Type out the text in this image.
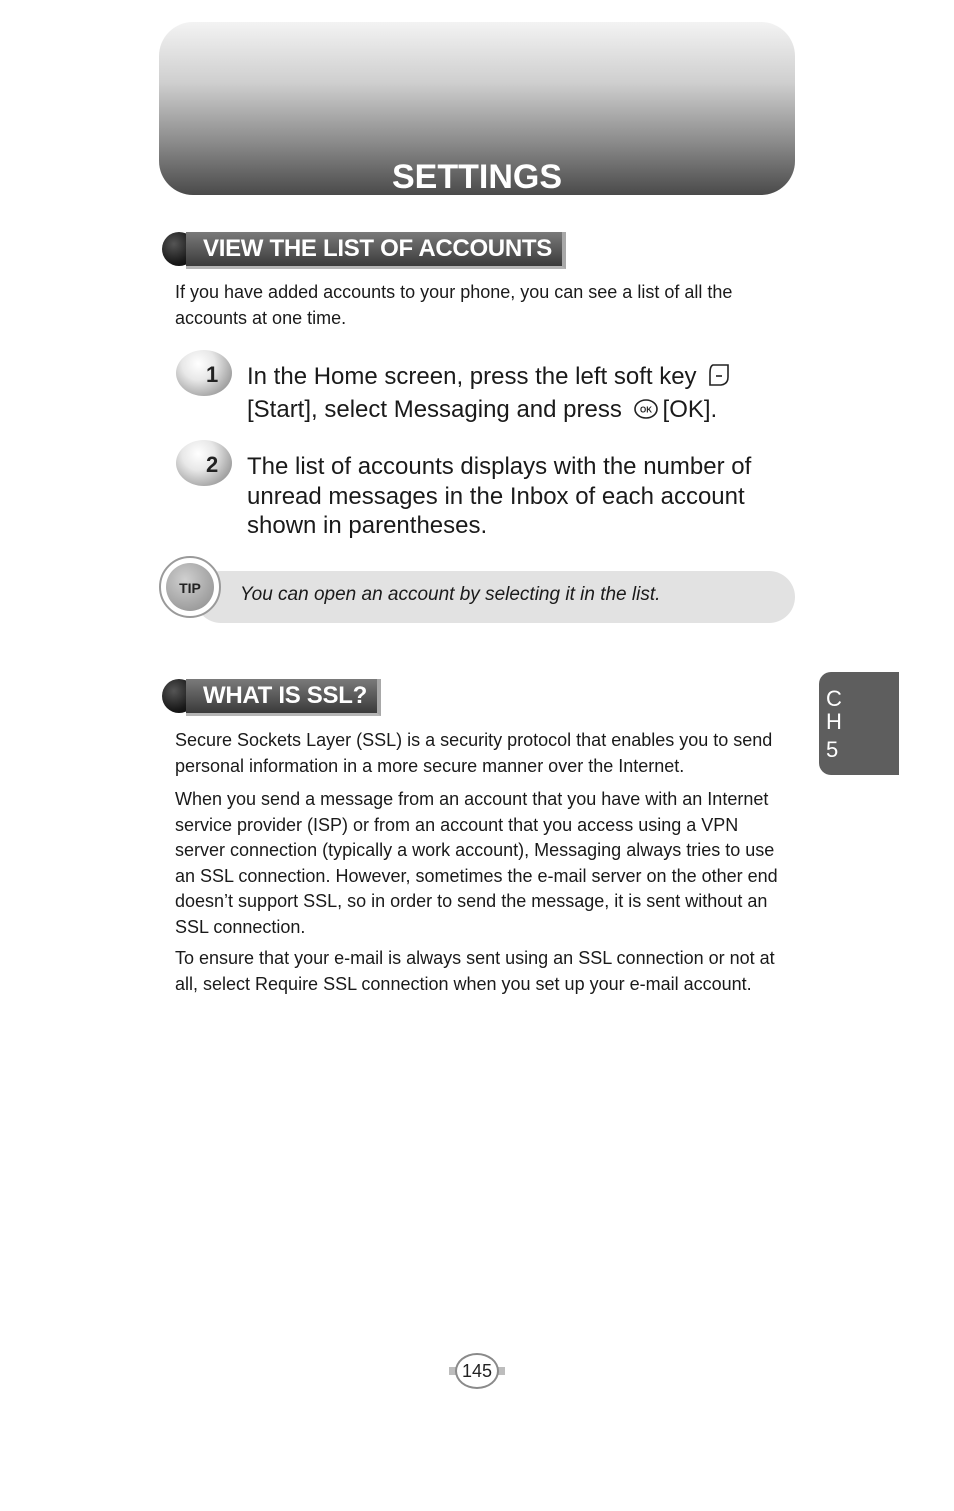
SETTINGS
VIEW THE LIST OF ACCOUNTS
If you have added accounts to your phone, you can see a list of all the accounts at one time.
1 In the Home screen, press the left soft key
[Start], select Messaging and press OK [OK].
2 The list of accounts displays with the number of unread messages in the Inbox of each account shown in parentheses.
TIP	You can open an account by selecting it in the list.
WHAT IS SSL?
Secure Sockets Layer (SSL) is a security protocol that enables you to send personal information in a more secure manner over the Internet.
When you send a message from an account that you have with an Internet service provider (ISP) or from an account that you access using a VPN server connection (typically a work account), Messaging always tries to use an SSL connection. However, sometimes the e-mail server on the other end doesn’t support SSL, so in order to send the message, it is sent without an SSL connection.
To ensure that your e-mail is always sent using an SSL connection or not at all, select Require SSL connection when you set up your e-mail account.
C
H
5
145
